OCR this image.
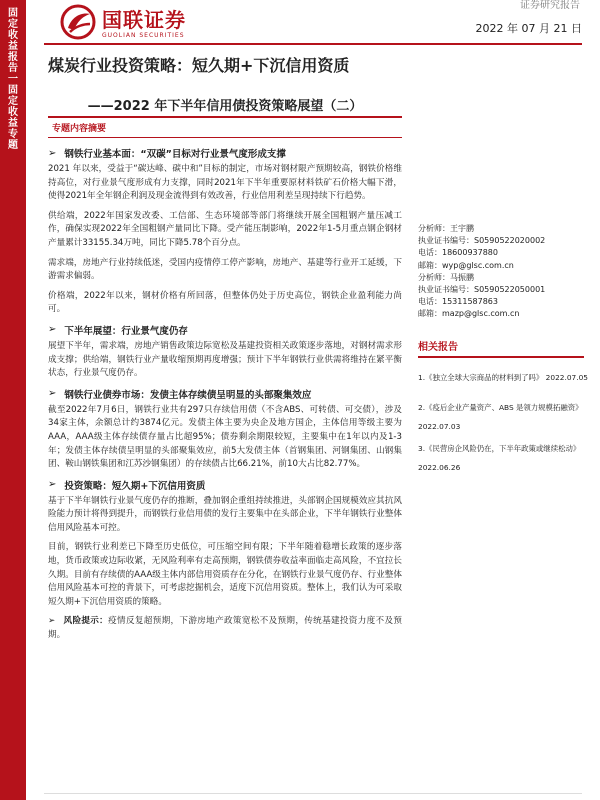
固定收益报告一固定收益专题
国联证券
GUOLIAN SECURITIES
证券研究报告
2022 年 07 月 21 日
煤炭行业投资策略：短久期+下沉信用资质
——2022 年下半年信用债投资策略展望（二）
专题内容摘要
➢ 钢铁行业基本面：“双碳”目标对行业景气度形成支撑

2021 年以来，受益于“碳达峰、碳中和”目标的制定，市场对钢材限产预期较高，钢铁价格维持高位，对行业景气度形成有力支撑，同时2021年下半年重要原材料铁矿石价格大幅下滑，使得2021年全年钢企利润及现金流得到有效改善，行业信用利差呈现持续下行趋势。

供给端，2022年国家发改委、工信部、生态环境部等部门将继续开展全国粗钢产量压减工作，确保实现2022年全国粗钢产量同比下降。受产能压制影响，2022年1-5月重点钢企钢材产量累计33155.34万吨，同比下降5.78个百分点。

需求端，房地产行业持续低迷，受国内疫情停工停产影响，房地产、基建等行业开工延缓，下游需求偏弱。

价格端，2022年以来，钢材价格有所回落，但整体仍处于历史高位，钢铁企业盈利能力尚可。

➢ 下半年展望：行业景气度仍存

展望下半年，需求端，房地产销售政策边际宽松及基建投资相关政策逐步落地，对钢材需求形成支撑；供给端，钢铁行业产量收缩预期再度增强；预计下半年钢铁行业供需将维持在紧平衡状态，行业景气度仍存。

➢ 钢铁行业债券市场：发债主体存续债呈明显的头部聚集效应

截至2022年7月6日，钢铁行业共有297只存续信用债（不含ABS、可转债、可交债），涉及34家主体，余额总计约3874亿元。发债主体主要为央企及地方国企，主体信用等级主要为AAA，AAA级主体存续债存量占比超95%；债券剩余期限较短，主要集中在1年以内及1-3年；发债主体存续债呈明显的头部聚集效应，前5大发债主体（首钢集团、河钢集团、山钢集团、鞍山钢铁集团和江苏沙钢集团）的存续债占比66.21%，前10大占比82.77%。

➢ 投资策略：短久期+下沉信用资质

基于下半年钢铁行业景气度仍存的推断，叠加钢企重组持续推进，头部钢企国规模效应其抗风险能力预计将得到提升，而钢铁行业信用债的发行主要集中在头部企业，下半年钢铁行业整体信用风险基本可控。

目前，钢铁行业利差已下降至历史低位，可压缩空间有限；下半年随着稳增长政策的逐步落地，货币政策或边际收紧，无风险利率有走高预期，钢铁债券收益率面临走高风险，不宜拉长久期。目前有存续债的AAA级主体内部信用资质存在分化，在钢铁行业景气度仍存、行业整体信用风险基本可控的背景下，可考虑挖掘机会，适度下沉信用资质。整体上，我们认为可采取短久期+下沉信用资质的策略。

➢ 风险提示：疫情反复超预期，下游房地产政策宽松不及预期，传统基建投资力度不及预期。

分析师：王宇鹏
执业证书编号：S0590522020002
电话：18600937880
邮箱：wyp@glsc.com.cn
分析师：马振鹏
执业证书编号：S0590522050001
电话：15311587863
邮箱：mazp@glsc.com.cn
相关报告
1.《独立全球大宗商品的材料到了吗》 2022.07.05
2.《疫后企业产量资产、ABS 是领力规模拓融资》
2022.07.03
3.《民营房企风险仍在，下半年政策或继续松动》
2022.06.26
